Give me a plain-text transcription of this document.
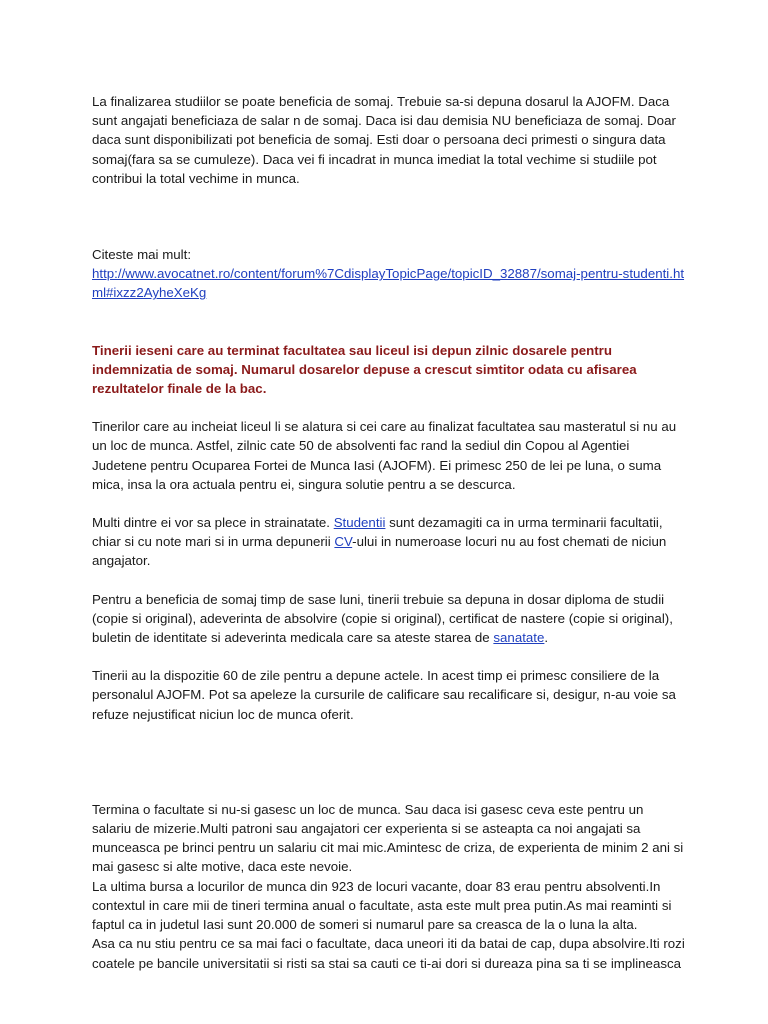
La finalizarea studiilor se poate beneficia de somaj. Trebuie sa-si depuna dosarul la AJOFM. Daca sunt angajati beneficiaza de salar n de somaj. Daca isi dau demisia NU beneficiaza de somaj. Doar daca sunt disponibilizati pot beneficia de somaj. Esti doar o persoana deci primesti o singura data somaj(fara sa se cumuleze). Daca vei fi incadrat in munca imediat la total vechime si studiile pot contribui la total vechime in munca.

Citeste mai mult:

http://www.avocatnet.ro/content/forum%7CdisplayTopicPage/topicID_32887/somaj-pentru-studenti.html#ixzz2AyheXeKg

Tinerii ieseni care au terminat facultatea sau liceul isi depun zilnic dosarele pentru indemnizatia de somaj. Numarul dosarelor depuse a crescut simtitor odata cu afisarea rezultatelor finale de la bac.

Tinerilor care au incheiat liceul li se alatura si cei care au finalizat facultatea sau masteratul si nu au un loc de munca. Astfel, zilnic cate 50 de absolventi fac rand la sediul din Copou al Agentiei Judetene pentru Ocuparea Fortei de Munca Iasi (AJOFM). Ei primesc 250 de lei pe luna, o suma mica, insa la ora actuala pentru ei, singura solutie pentru a se descurca.

Multi dintre ei vor sa plece in strainatate. Studentii sunt dezamagiti ca in urma terminarii facultatii, chiar si cu note mari si in urma depunerii CV-ului in numeroase locuri nu au fost chemati de niciun angajator.

Pentru a beneficia de somaj timp de sase luni, tinerii trebuie sa depuna in dosar diploma de studii (copie si original), adeverinta de absolvire (copie si original), certificat de nastere (copie si original), buletin de identitate si adeverinta medicala care sa ateste starea de sanatate.

Tinerii au la dispozitie 60 de zile pentru a depune actele. In acest timp ei primesc consiliere de la personalul AJOFM. Pot sa apeleze la cursurile de calificare sau recalificare si, desigur, n-au voie sa refuze nejustificat niciun loc de munca oferit.

Termina o facultate si nu-si gasesc un loc de munca. Sau daca isi gasesc ceva este pentru un salariu de mizerie.Multi patroni sau angajatori cer experienta si se asteapta ca noi angajati sa munceasca pe brinci pentru un salariu cit mai mic.Amintesc de criza, de experienta de minim 2 ani si mai gasesc si alte motive, daca este nevoie.

La ultima bursa a locurilor de munca din 923 de locuri vacante, doar 83 erau pentru absolventi.In contextul in care mii de tineri termina anual o facultate, asta este mult prea putin.As mai reaminti si faptul ca in judetul Iasi sunt 20.000 de someri si numarul pare sa creasca de la o luna la alta.

Asa ca nu stiu pentru ce sa mai faci o facultate, daca uneori iti da batai de cap, dupa absolvire.Iti rozi coatele pe bancile universitatii si risti sa stai sa cauti ce ti-ai dori si dureaza pina sa ti se implineasca
